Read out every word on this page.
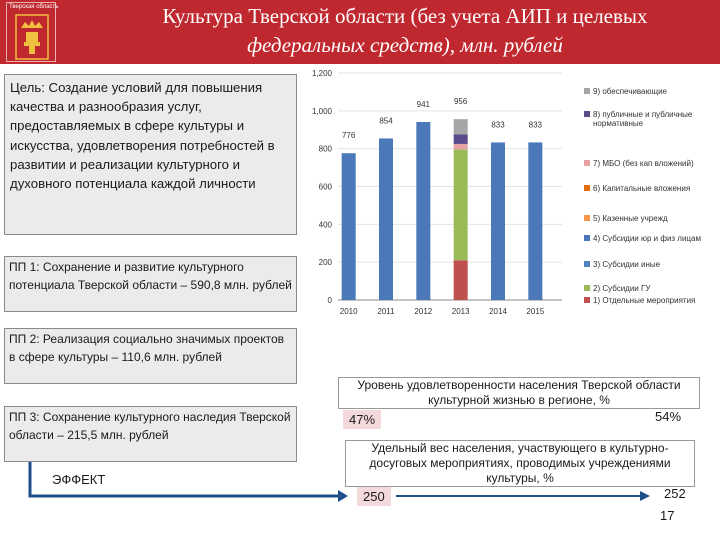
Тверская область	Культура Тверской области (без учета АИП и целевых
федеральных средств), млн. рублей
Цель: Создание условий для повышения качества и разнообразия услуг, предоставляемых в сфере культуры и искусства, удовлетворения потребностей в развитии и реализации культурного и духовного потенциала каждой личности
ПП 1: Сохранение и развитие культурного потенциала Тверской области – 590,8 млн. рублей
ПП 2: Реализация социально значимых проектов в сфере культуры – 110,6 млн. рублей
ПП 3: Сохранение культурного наследия Тверской области – 215,5 млн. рублей
ЭФФЕКТ
0
200
400
600
800
1,000
1,200
2010
776
2011
854
2012
941
2013
956
2014
833
2015
833
9) обеспечивающие
8) публичные и публичные
нормативные
7) МБО (без кап вложений)
6) Капитальные вложения
5) Казенные учрежд
4) Субсидии юр и физ лицам
3) Субсидии иные
2) Субсидии ГУ
1) Отдельные мероприятия
Уровень удовлетворенности населения Тверской области культурной жизнью в регионе, %
47%	54%
Удельный вес населения, участвующего в культурно-досуговых мероприятиях, проводимых учреждениями культуры, %
250	252
17
